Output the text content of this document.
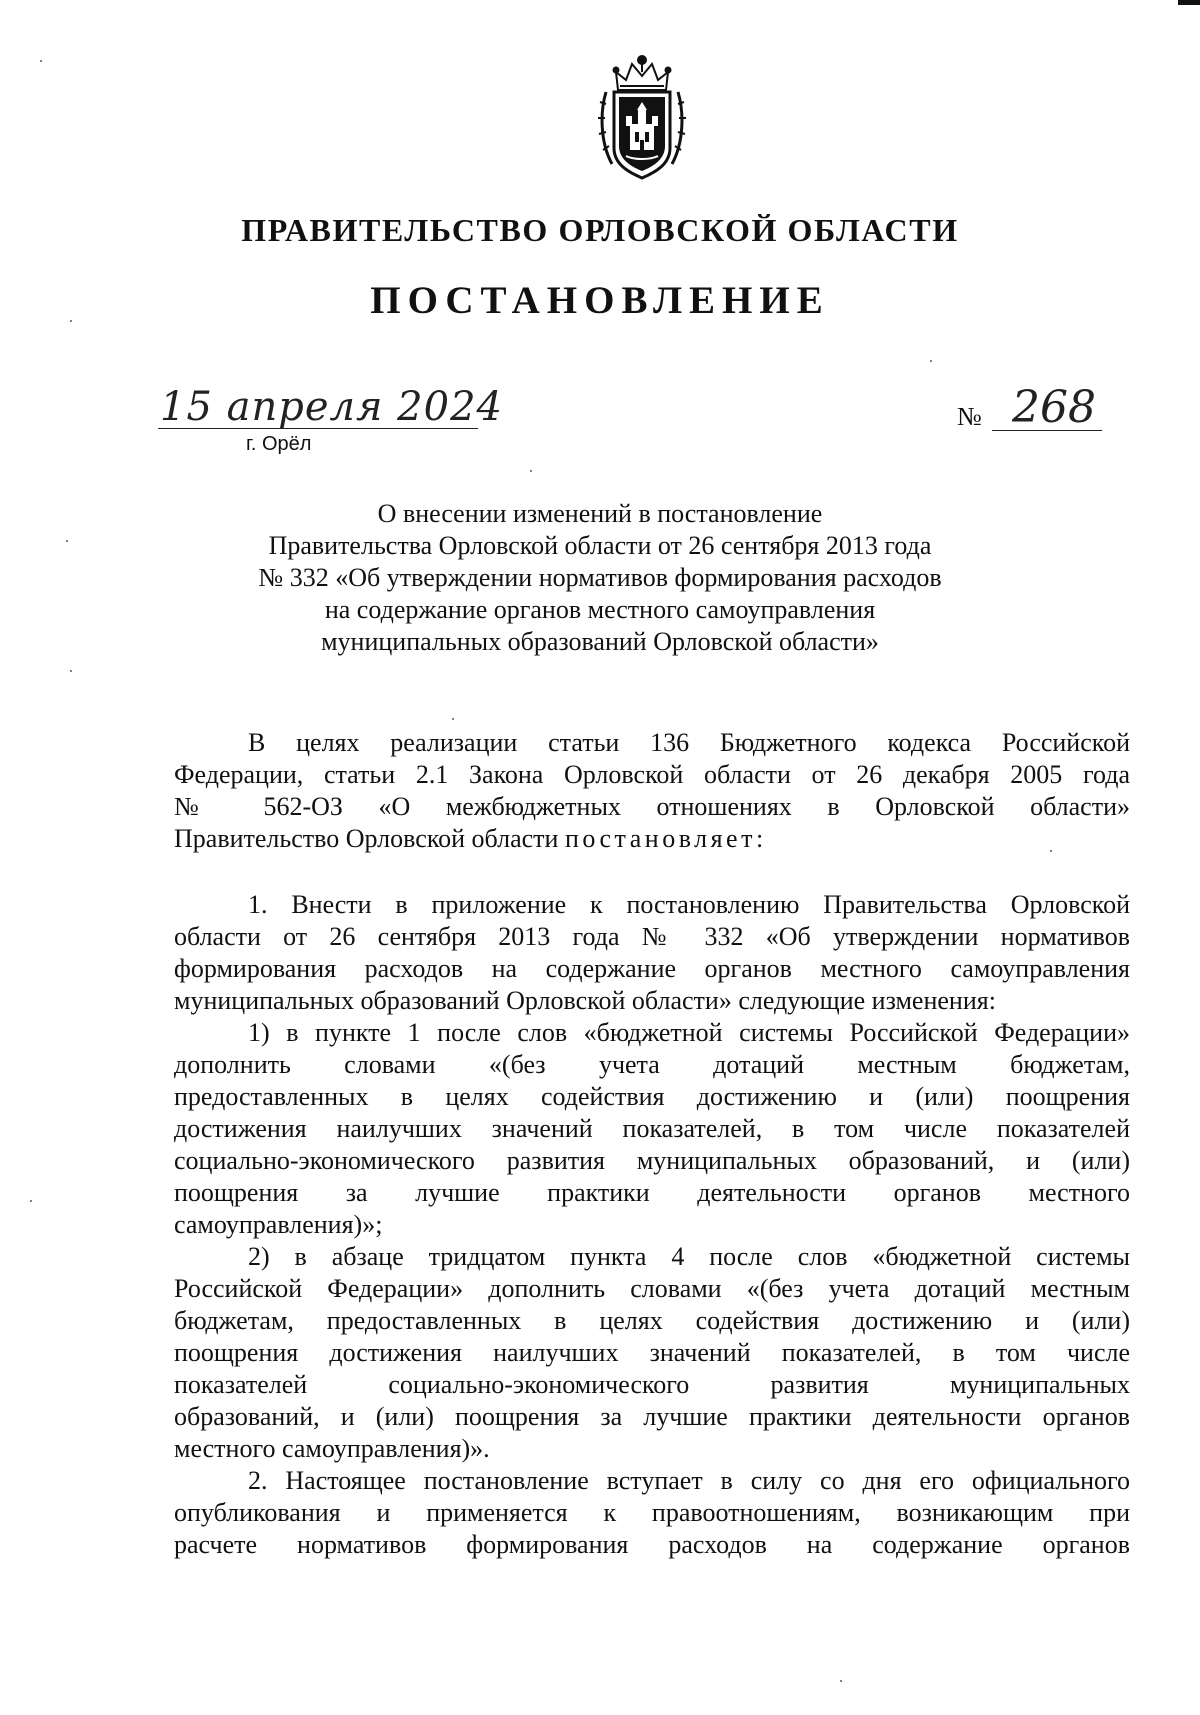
ПРАВИТЕЛЬСТВО ОРЛОВСКОЙ ОБЛАСТИ
ПОСТАНОВЛЕНИЕ
15 апреля 2024
г. Орёл
№ 268
О внесении изменений в постановление
Правительства Орловской области от 26 сентября 2013 года
№ 332 «Об утверждении нормативов формирования расходов
на содержание органов местного самоуправления
муниципальных образований Орловской области»
В целях реализации статьи 136 Бюджетного кодекса Российской
Федерации, статьи 2.1 Закона Орловской области от 26 декабря 2005 года
№ 562-ОЗ «О межбюджетных отношениях в Орловской области»
Правительство Орловской области постановляет:
1. Внести в приложение к постановлению Правительства Орловской
области от 26 сентября 2013 года № 332 «Об утверждении нормативов
формирования расходов на содержание органов местного самоуправления
муниципальных образований Орловской области» следующие изменения:
1) в пункте 1 после слов «бюджетной системы Российской Федерации»
дополнить словами «(без учета дотаций местным бюджетам,
предоставленных в целях содействия достижению и (или) поощрения
достижения наилучших значений показателей, в том числе показателей
социально-экономического развития муниципальных образований, и (или)
поощрения за лучшие практики деятельности органов местного
самоуправления)»;
2) в абзаце тридцатом пункта 4 после слов «бюджетной системы
Российской Федерации» дополнить словами «(без учета дотаций местным
бюджетам, предоставленных в целях содействия достижению и (или)
поощрения достижения наилучших значений показателей, в том числе
показателей социально-экономического развития муниципальных
образований, и (или) поощрения за лучшие практики деятельности органов
местного самоуправления)».
2. Настоящее постановление вступает в силу со дня его официального
опубликования и применяется к правоотношениям, возникающим при
расчете нормативов формирования расходов на содержание органов
